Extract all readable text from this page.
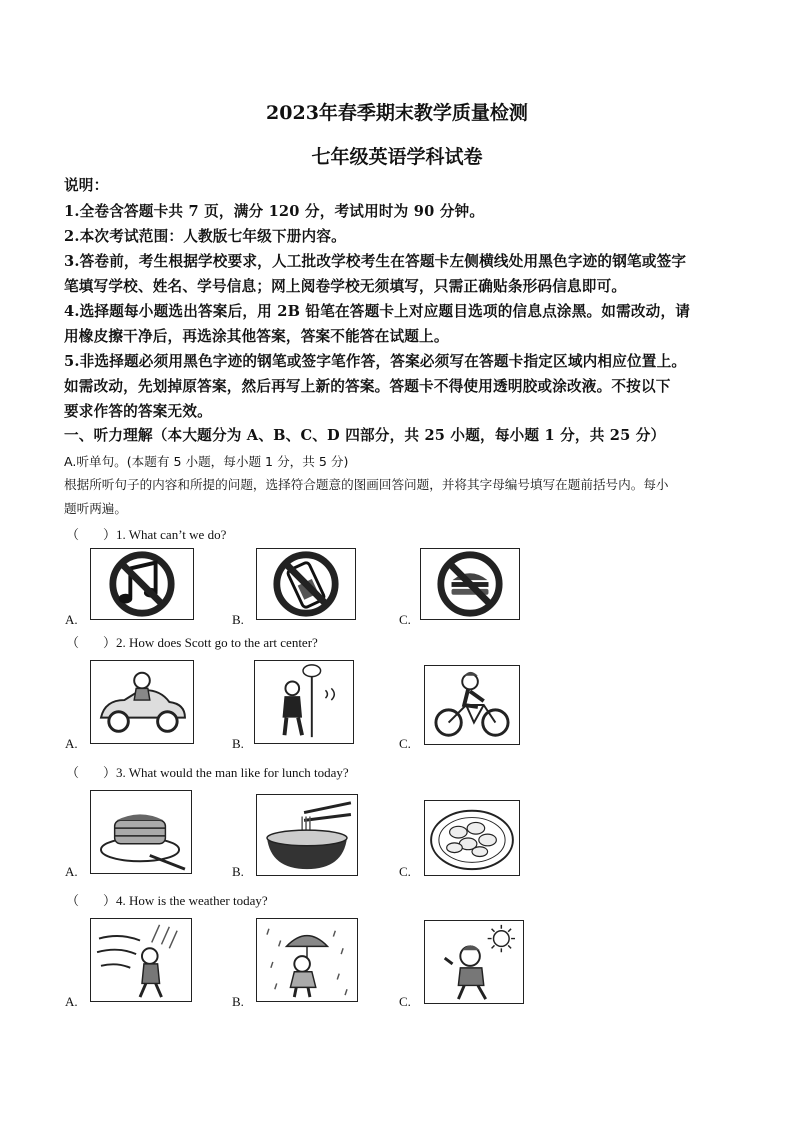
2023年春季期末教学质量检测
七年级英语学科试卷
说明：
1.全卷含答题卡共 7 页，满分 120 分，考试用时为 90 分钟。
2.本次考试范围：人教版七年级下册内容。
3.答卷前，考生根据学校要求，人工批改学校考生在答题卡左侧横线处用黑色字迹的钢笔或签字
笔填写学校、姓名、学号信息；网上阅卷学校无须填写，只需正确贴条形码信息即可。
4.选择题每小题选出答案后，用 2B 铅笔在答题卡上对应题目选项的信息点涂黑。如需改动，请
用橡皮擦干净后，再选涂其他答案，答案不能答在试题上。
5.非选择题必须用黑色字迹的钢笔或签字笔作答，答案必须写在答题卡指定区域内相应位置上。
如需改动，先划掉原答案，然后再写上新的答案。答题卡不得使用透明胶或涂改液。不按以下
要求作答的答案无效。
一、听力理解（本大题分为 A、B、C、D 四部分，共 25 小题，每小题 1 分，共 25 分）
A.听单句。(本题有 5 小题，每小题 1 分，共 5 分)
根据所听句子的内容和所提的问题，选择符合题意的图画回答问题，并将其字母编号填写在题前括号内。每小
题听两遍。
（ ）1. What can’t we do?
A.	B.	C.
（ ）2. How does Scott go to the art center?
A.	B.	C.
（ ）3. What would the man like for lunch today?
A.	B.	C.
（ ）4. How is the weather today?
A.	B.	C.
